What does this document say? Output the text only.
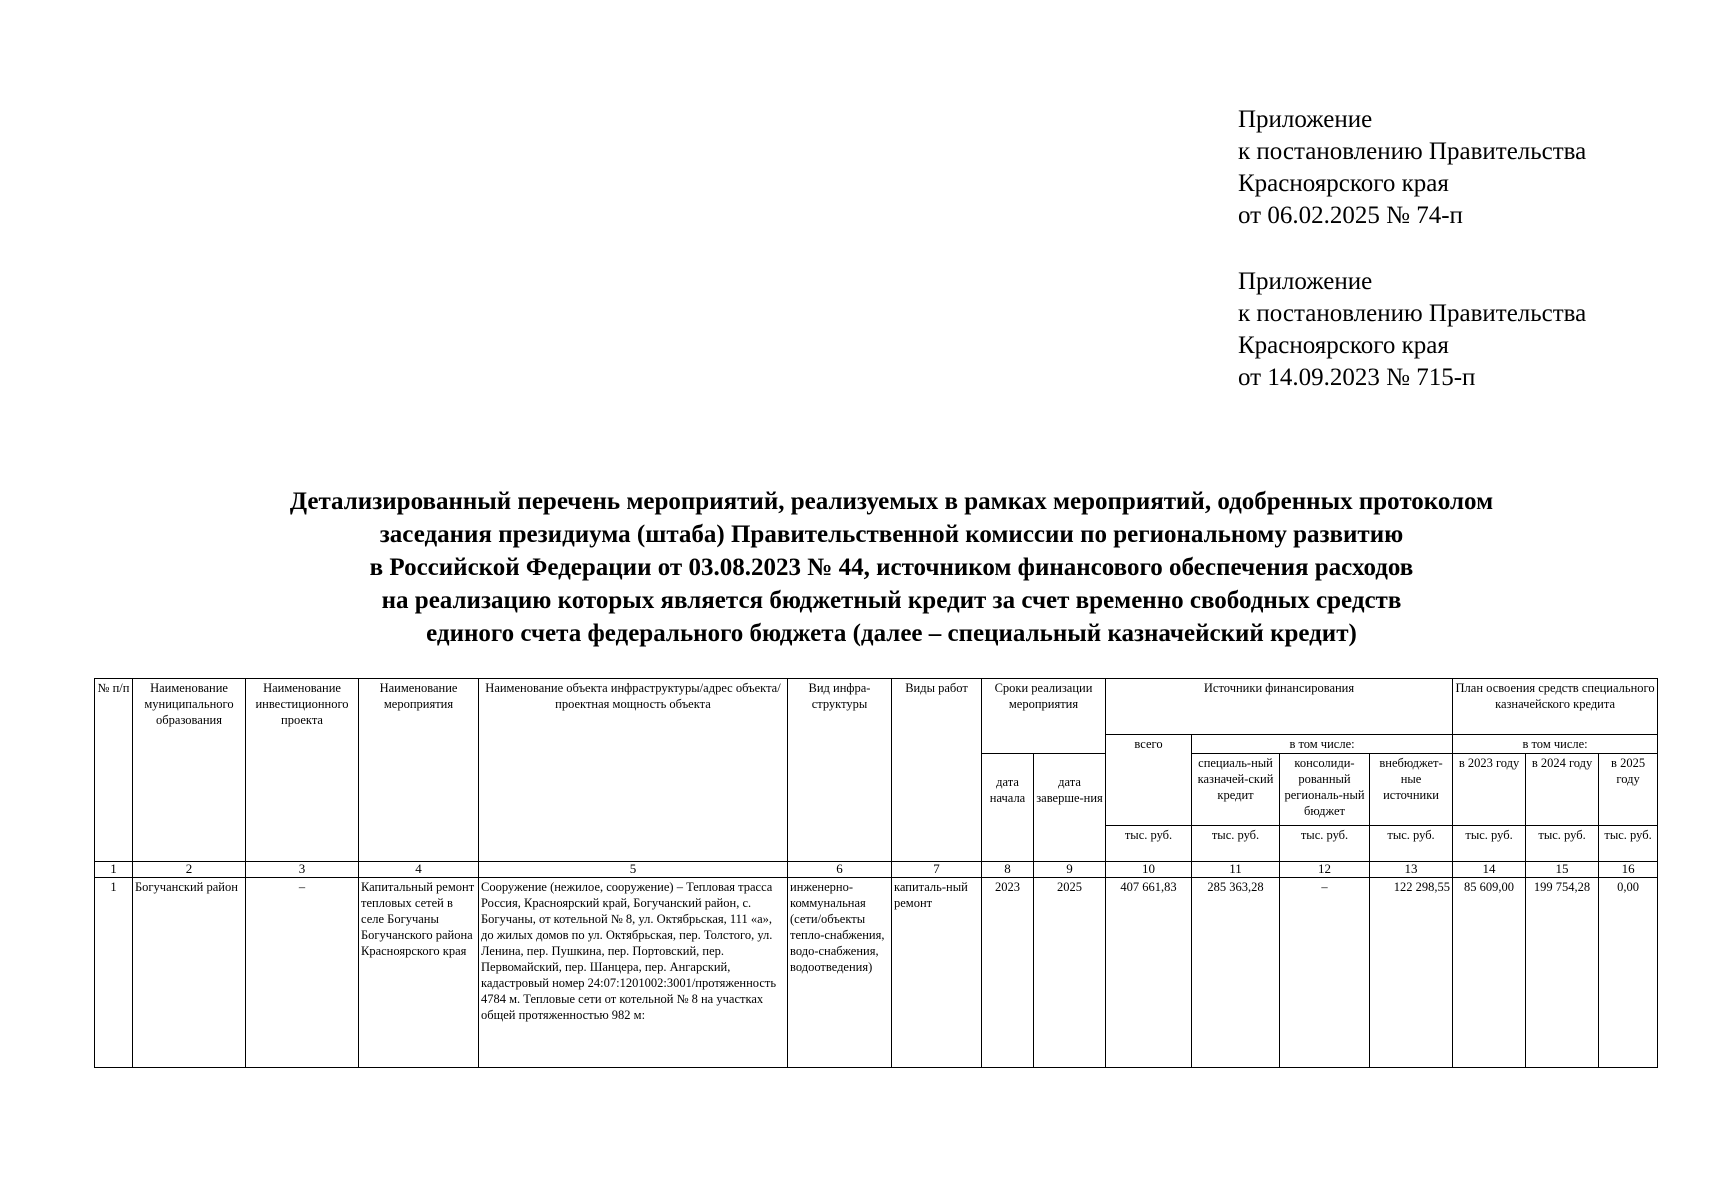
Приложение
к постановлению Правительства
Красноярского края
от 06.02.2025 № 74-п
Приложение
к постановлению Правительства
Красноярского края
от 14.09.2023 № 715-п
Детализированный перечень мероприятий, реализуемых в рамках мероприятий, одобренных протоколом
заседания президиума (штаба) Правительственной комиссии по региональному развитию
в Российской Федерации от 03.08.2023 № 44, источником финансового обеспечения расходов
на реализацию которых является бюджетный кредит за счет временно свободных средств
единого счета федерального бюджета (далее – специальный казначейский кредит)
№ п/п	Наименование муниципального образования	Наименование инвестиционного проекта	Наименование мероприятия	Наименование объекта инфраструктуры/адрес объекта/ проектная мощность объекта	Вид инфра-структуры	Виды работ	Сроки реализации мероприятия		Источники финансирования				План освоения средств специального казначейского кредита			
									всего	в том числе:			в том числе:			
							дата начала	дата заверше-ния		специаль-ный казначей-ский кредит	консолиди-рованный региональ-ный бюджет	внебюджет-ные источники	в 2023 году	в 2024 году	в 2025 году	
									тыс. руб.	тыс. руб.	тыс. руб.	тыс. руб.	тыс. руб.	тыс. руб.	тыс. руб.	
1	2	3	4	5	6	7	8	9	10	11	12	13	14	15	16	
1	Богучанский район	–	Капитальный ремонт тепловых сетей в селе Богучаны Богучанского района Красноярского края	Сооружение (нежилое, сооружение) – Тепловая трасса Россия, Красноярский край, Богучанский район, с. Богучаны, от котельной № 8, ул. Октябрьская, 111 «а», до жилых домов по ул. Октябрьская, пер. Толстого, ул. Ленина, пер. Пушкина, пер. Портовский, пер. Первомайский, пер. Шанцера, пер. Ангарский, кадастровый номер 24:07:1201002:3001/протяженность 4784 м. Тепловые сети от котельной № 8 на участках общей протяженностью 982 м:	инженерно-коммунальная (сети/объекты тепло-снабжения, водо-снабжения, водоотведения)	капиталь-ный ремонт	2023	2025	407 661,83	285 363,28	–	122 298,55	85 609,00	199 754,28	0,00	
